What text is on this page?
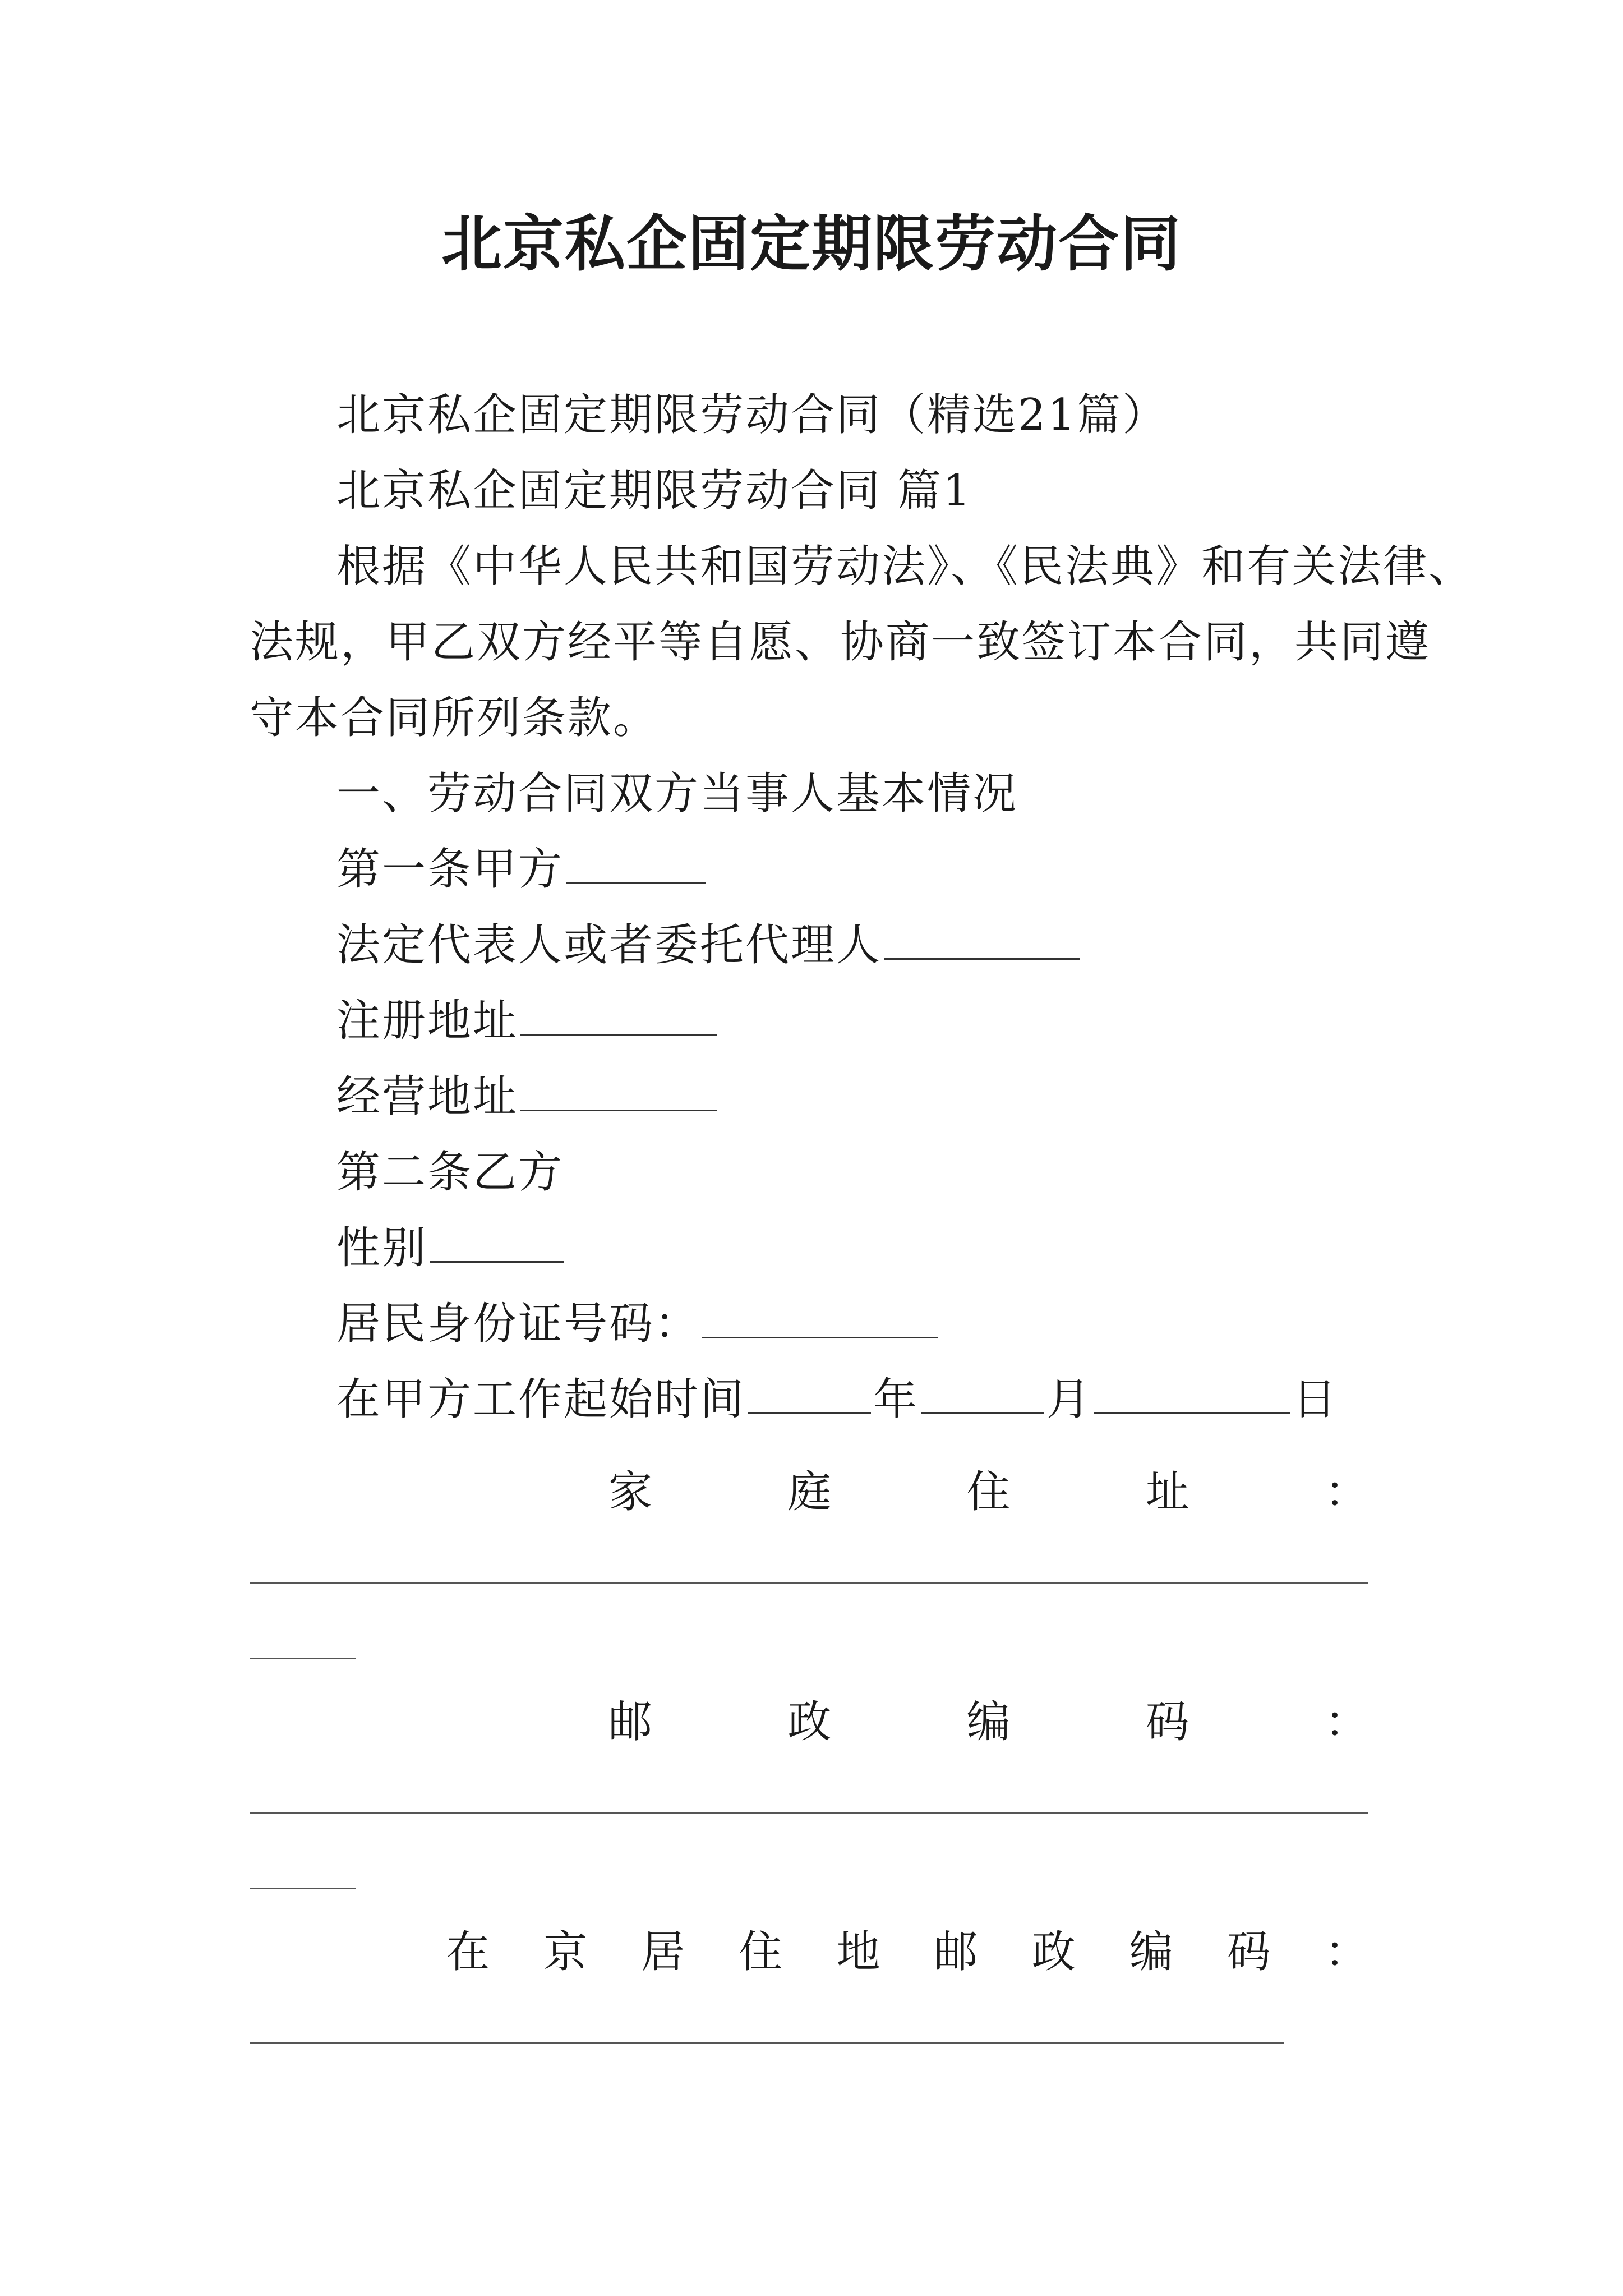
北京私企固定期限劳动合同
北京私企固定期限劳动合同（精选21篇）
北京私企固定期限劳动合同 篇1
根据《中华人民共和国劳动法》、《民法典》和有关法律、
法规，甲乙双方经平等自愿、协商一致签订本合同，共同遵
守本合同所列条款。
一、劳动合同双方当事人基本情况
第一条甲方
法定代表人或者委托代理人
注册地址
经营地址
第二条乙方
性别
居民身份证号码：
在甲方工作起始时间	年	月	日
家	庭	住	址	：
邮	政	编	码	：
在 京 居 住 地 邮 政 编 码 ：
